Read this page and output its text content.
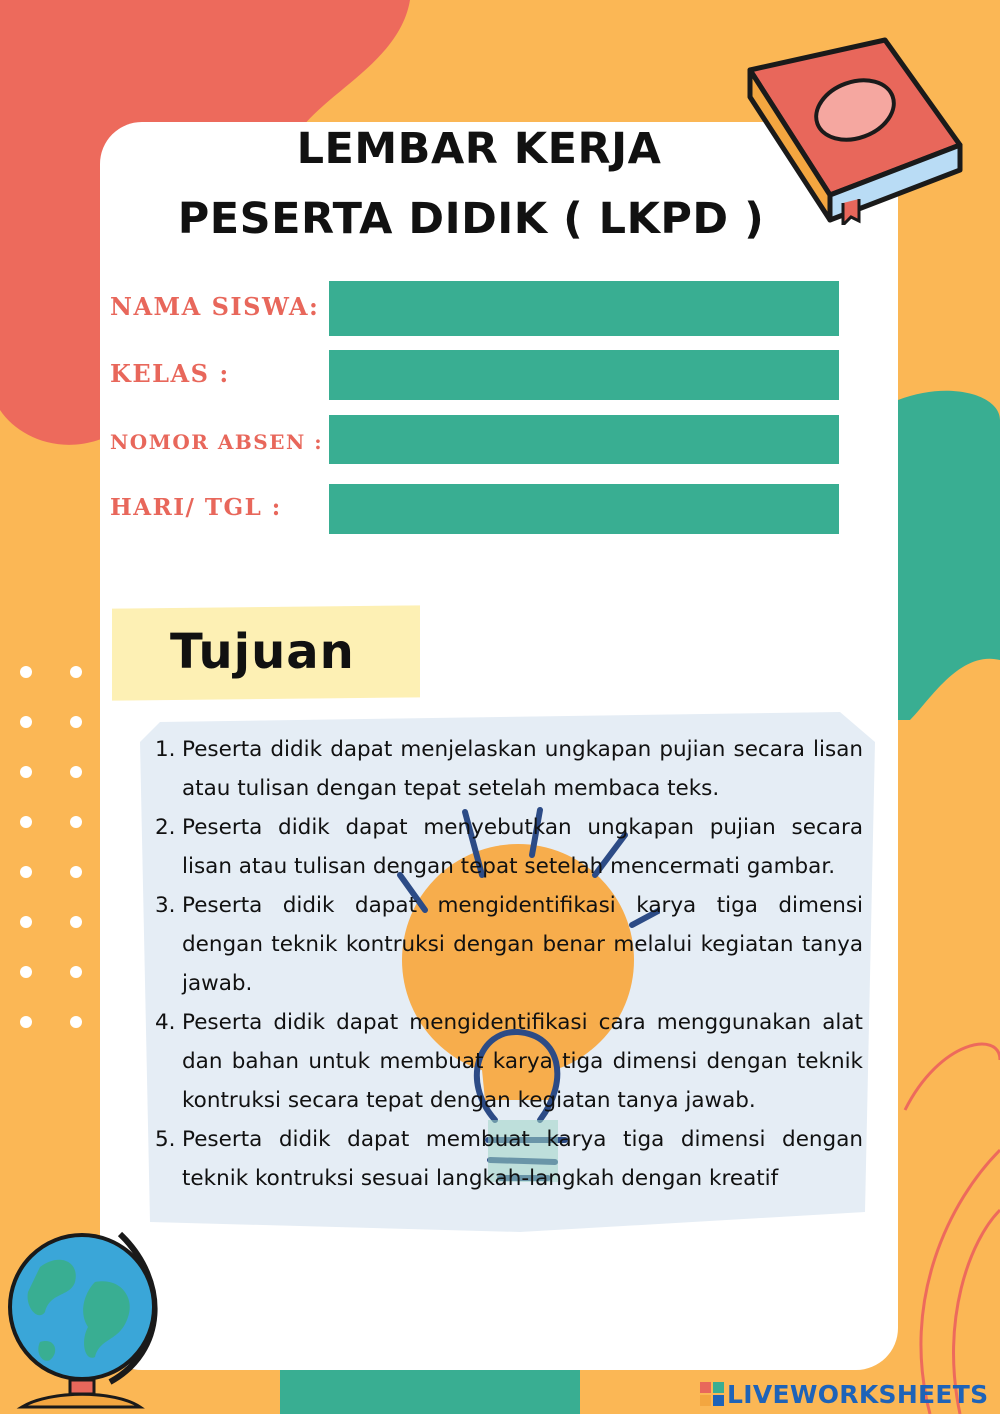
LEMBAR KERJA
PESERTA DIDIK ( LKPD )
NAMA SISWA:
KELAS :
NOMOR ABSEN :
HARI/ TGL :
Tujuan
1. Peserta didik dapat menjelaskan ungkapan pujian secara lisan atau tulisan dengan tepat setelah membaca teks.
2. Peserta didik dapat menyebutkan ungkapan pujian secara lisan atau tulisan dengan tepat setelah mencermati gambar.
3. Peserta didik dapat mengidentifikasi karya tiga dimensi dengan teknik kontruksi dengan benar melalui kegiatan tanya jawab.
4. Peserta didik dapat mengidentifikasi cara menggunakan alat dan bahan untuk membuat karya tiga dimensi dengan teknik kontruksi secara tepat dengan kegiatan tanya jawab.
5. Peserta didik dapat membuat karya tiga dimensi dengan teknik kontruksi sesuai langkah-langkah dengan kreatif
LIVEWORKSHEETS
